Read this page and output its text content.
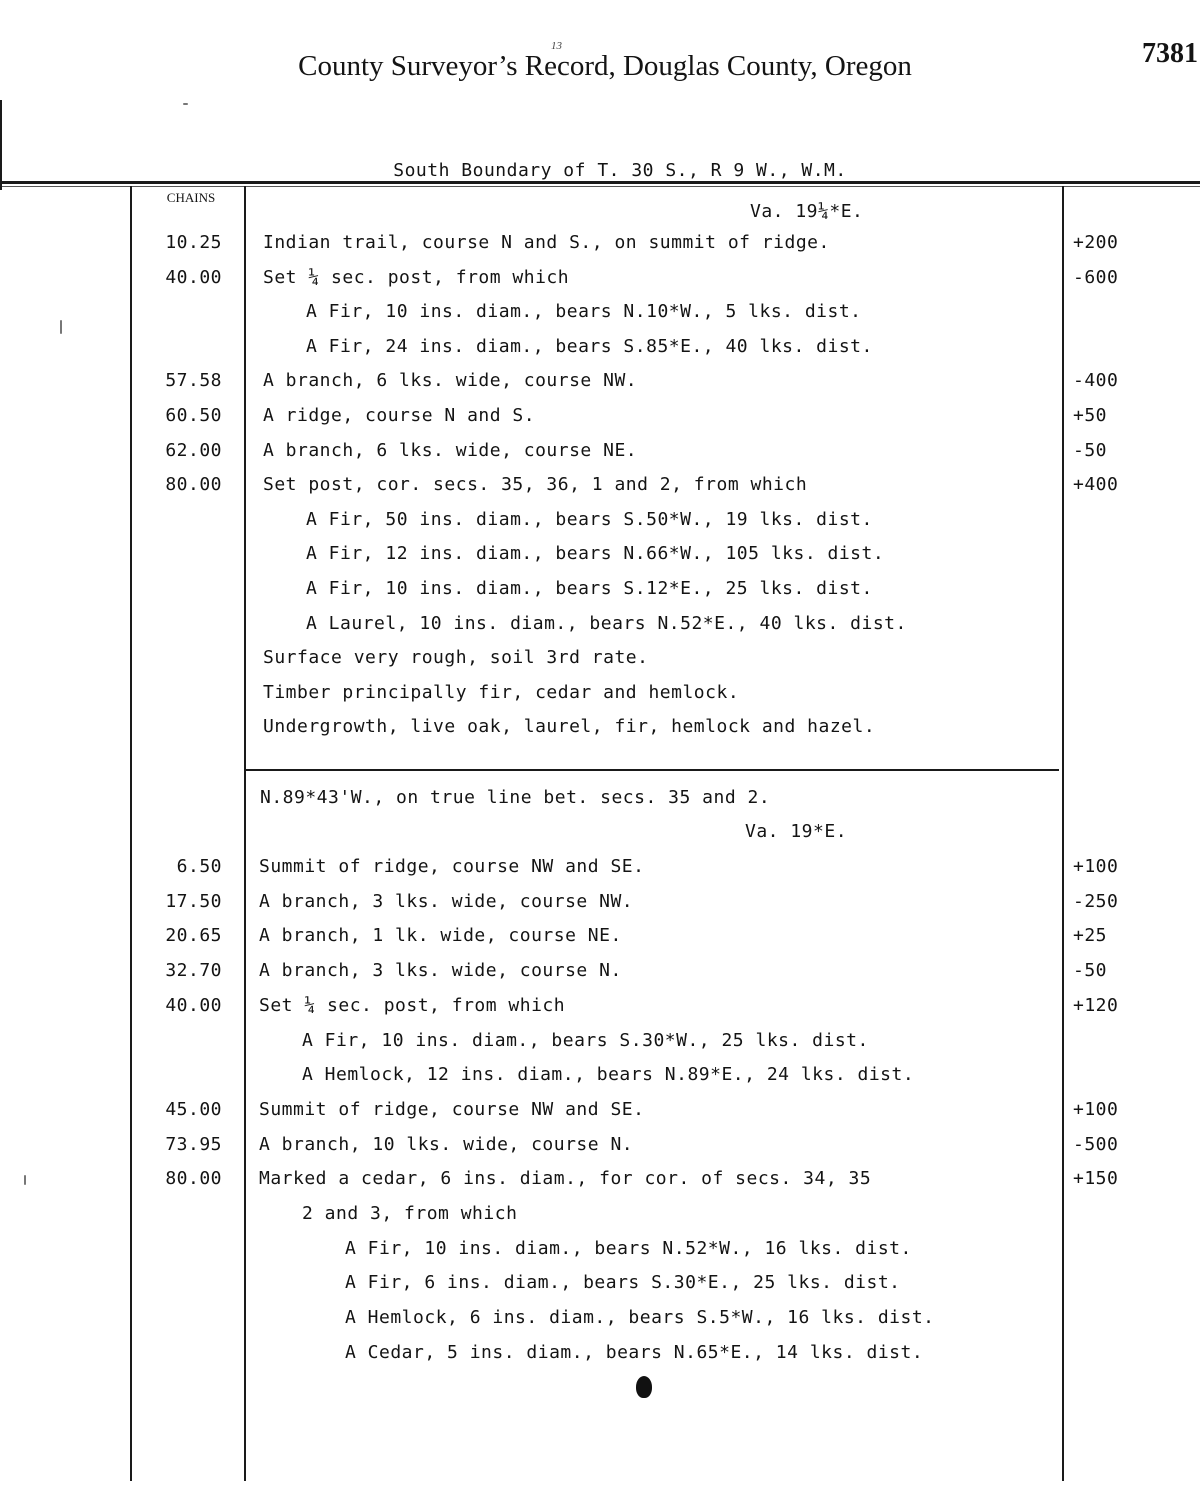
13
County Surveyor’s Record, Douglas County, Oregon	7381
South Boundary of T. 30 S., R 9 W., W.M.
CHAINS
Va. 19¼*E.
10.25 Indian trail, course N and S., on summit of ridge.	+200
40.00 Set ¼ sec. post, from which	-600
A Fir, 10 ins. diam., bears N.10*W., 5 lks. dist.
A Fir, 24 ins. diam., bears S.85*E., 40 lks. dist.
57.58 A branch, 6 lks. wide, course NW.	-400
60.50 A ridge, course N and S.	+50
62.00 A branch, 6 lks. wide, course NE.	-50
80.00 Set post, cor. secs. 35, 36, 1 and 2, from which	+400
A Fir, 50 ins. diam., bears S.50*W., 19 lks. dist.
A Fir, 12 ins. diam., bears N.66*W., 105 lks. dist.
A Fir, 10 ins. diam., bears S.12*E., 25 lks. dist.
A Laurel, 10 ins. diam., bears N.52*E., 40 lks. dist.
Surface very rough, soil 3rd rate.
Timber principally fir, cedar and hemlock.
Undergrowth, live oak, laurel, fir, hemlock and hazel.
N.89*43'W., on true line bet. secs. 35 and 2.
Va. 19*E.
6.50 Summit of ridge, course NW and SE.	+100
17.50 A branch, 3 lks. wide, course NW.	-250
20.65 A branch, 1 lk. wide, course NE.	+25
32.70 A branch, 3 lks. wide, course N.	-50
40.00 Set ¼ sec. post, from which	+120
A Fir, 10 ins. diam., bears S.30*W., 25 lks. dist.
A Hemlock, 12 ins. diam., bears N.89*E., 24 lks. dist.
45.00 Summit of ridge, course NW and SE.	+100
73.95 A branch, 10 lks. wide, course N.	-500
80.00 Marked a cedar, 6 ins. diam., for cor. of secs. 34, 35	+150
2 and 3, from which
A Fir, 10 ins. diam., bears N.52*W., 16 lks. dist.
A Fir, 6 ins. diam., bears S.30*E., 25 lks. dist.
A Hemlock, 6 ins. diam., bears S.5*W., 16 lks. dist.
A Cedar, 5 ins. diam., bears N.65*E., 14 lks. dist.
